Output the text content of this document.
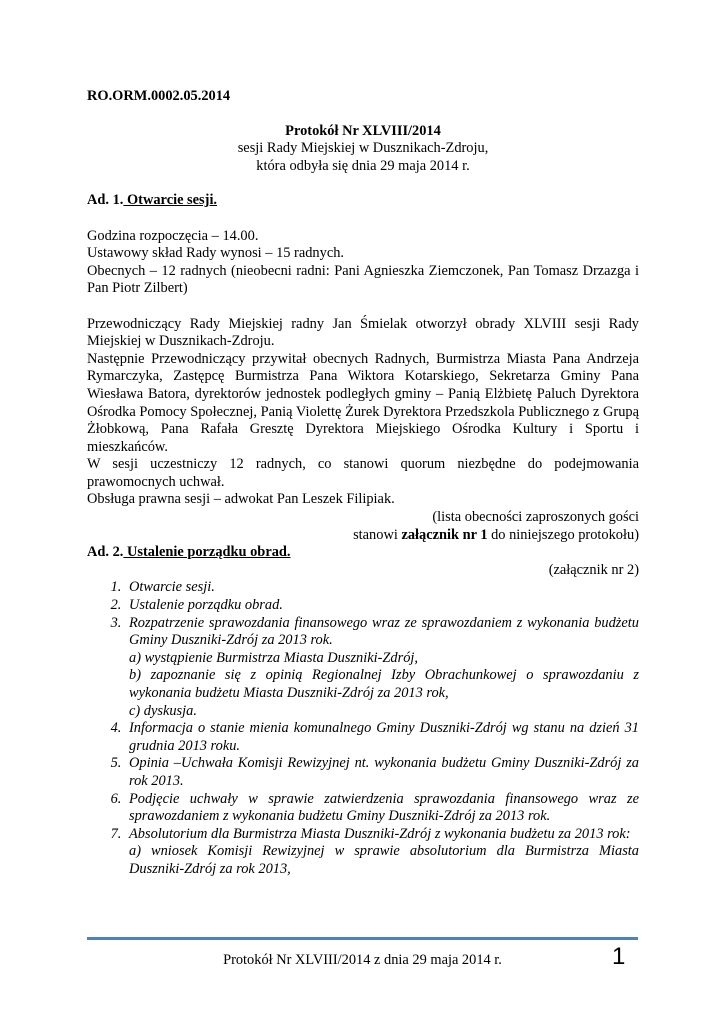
RO.ORM.0002.05.2014
Protokół Nr XLVIII/2014
sesji Rady Miejskiej w Dusznikach-Zdroju,
która odbyła się dnia 29 maja 2014 r.
Ad. 1. Otwarcie sesji.
Godzina rozpoczęcia – 14.00.
Ustawowy skład Rady wynosi – 15 radnych.
Obecnych – 12 radnych (nieobecni radni: Pani Agnieszka Ziemczonek, Pan Tomasz Drzazga i Pan Piotr Zilbert)
Przewodniczący Rady Miejskiej radny Jan Śmielak otworzył obrady XLVIII sesji Rady Miejskiej w Dusznikach-Zdroju.
Następnie Przewodniczący przywitał obecnych Radnych, Burmistrza Miasta Pana Andrzeja Rymarczyka, Zastępcę Burmistrza Pana Wiktora Kotarskiego, Sekretarza Gminy Pana Wiesława Batora, dyrektorów jednostek podległych gminy – Panią Elżbietę Paluch Dyrektora Ośrodka Pomocy Społecznej, Panią Violettę Żurek Dyrektora Przedszkola Publicznego z Grupą Żłobkową, Pana Rafała Gresztę Dyrektora Miejskiego Ośrodka Kultury i Sportu i mieszkańców.
W sesji uczestniczy 12 radnych, co stanowi quorum niezbędne do podejmowania prawomocnych uchwał.
Obsługa prawna sesji – adwokat Pan Leszek Filipiak.
(lista obecności zaproszonych gości
stanowi załącznik nr 1 do niniejszego protokołu)
Ad. 2. Ustalenie porządku obrad.
(załącznik nr 2)
1. Otwarcie sesji.
2. Ustalenie porządku obrad.
3. Rozpatrzenie sprawozdania finansowego wraz ze sprawozdaniem z wykonania budżetu Gminy Duszniki-Zdrój za 2013 rok.
a) wystąpienie Burmistrza Miasta Duszniki-Zdrój,
b) zapoznanie się z opinią Regionalnej Izby Obrachunkowej o sprawozdaniu z wykonania budżetu Miasta Duszniki-Zdrój za 2013 rok,
c) dyskusja.
4. Informacja o stanie mienia komunalnego Gminy Duszniki-Zdrój wg stanu na dzień 31 grudnia 2013 roku.
5. Opinia –Uchwała Komisji Rewizyjnej nt. wykonania budżetu Gminy Duszniki-Zdrój za rok 2013.
6. Podjęcie uchwały w sprawie zatwierdzenia sprawozdania finansowego wraz ze sprawozdaniem z wykonania budżetu Gminy Duszniki-Zdrój za 2013 rok.
7. Absolutorium dla Burmistrza Miasta Duszniki-Zdrój z wykonania budżetu za 2013 rok:
a) wniosek Komisji Rewizyjnej w sprawie absolutorium dla Burmistrza Miasta Duszniki-Zdrój za rok 2013,
Protokół Nr XLVIII/2014 z dnia 29 maja 2014 r.	1
